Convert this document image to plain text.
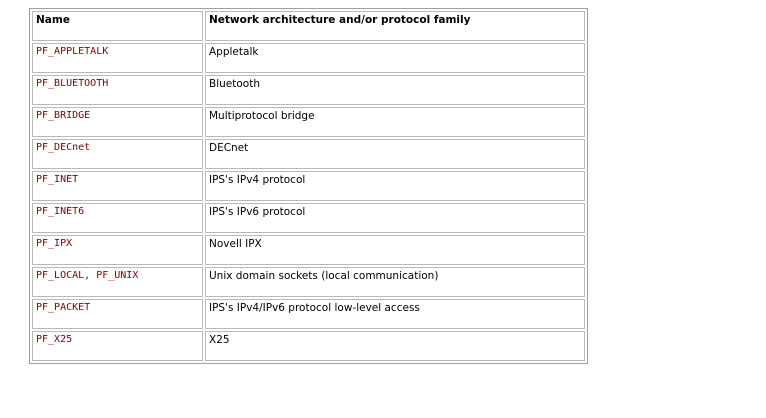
Name	Network architecture and/or protocol family
PF_APPLETALK	Appletalk
PF_BLUETOOTH	Bluetooth
PF_BRIDGE	Multiprotocol bridge
PF_DECnet	DECnet
PF_INET	IPS's IPv4 protocol
PF_INET6	IPS's IPv6 protocol
PF_IPX	Novell IPX
PF_LOCAL, PF_UNIX	Unix domain sockets (local communication)
PF_PACKET	IPS's IPv4/IPv6 protocol low-level access
PF_X25	X25
